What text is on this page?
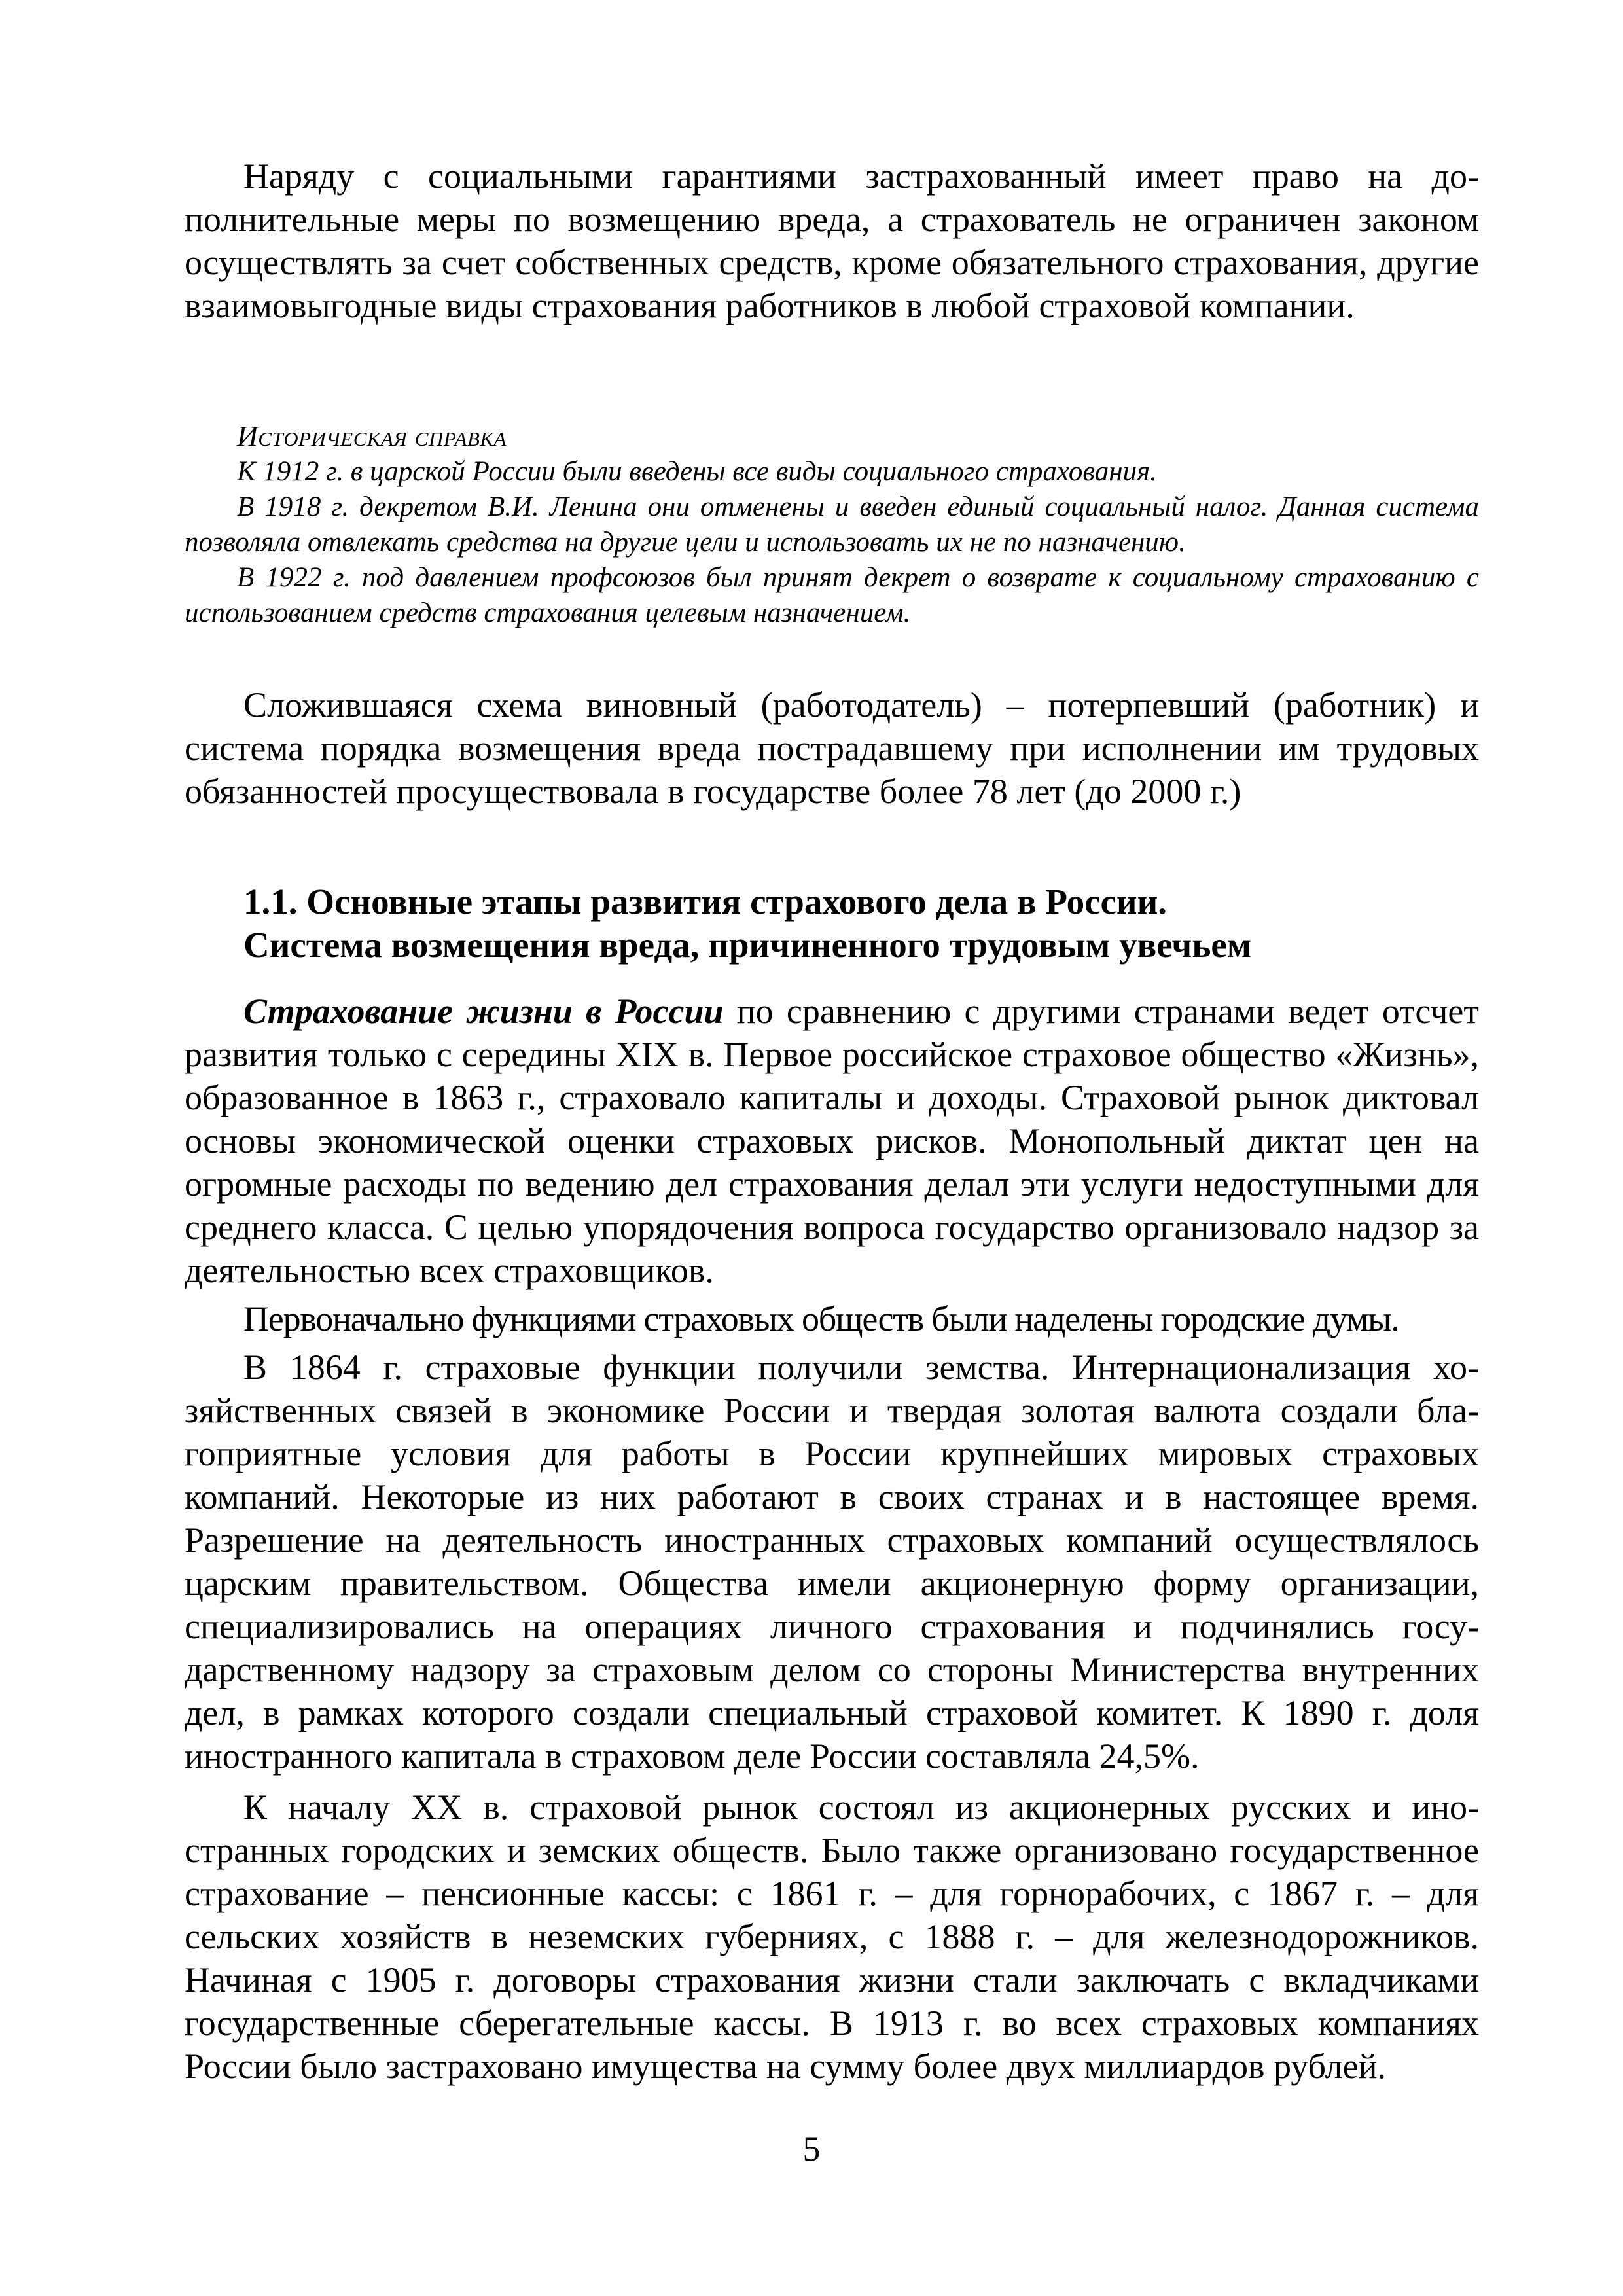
Наряду с социальными гарантиями застрахованный имеет право на дополнительные меры по возмещению вреда, а страхователь не ограничен законом осуществлять за счет собственных средств, кроме обязательного страхования, другие взаимовыгодные виды страхования работников в любой страховой компании.

Историческая справка

К 1912 г. в царской России были введены все виды социального страхования.

В 1918 г. декретом В.И. Ленина они отменены и введен единый социальный налог. Данная система позволяла отвлекать средства на другие цели и использовать их не по назначению.

В 1922 г. под давлением профсоюзов был принят декрет о возврате к социальному страхованию с использованием средств страхования целевым назначением.

Сложившаяся схема виновный (работодатель) – потерпевший (работник) и система порядка возмещения вреда пострадавшему при исполнении им трудовых обязанностей просуществовала в государстве более 78 лет (до 2000 г.)

1.1. Основные этапы развития страхового дела в России.
Система возмещения вреда, причиненного трудовым увечьем

Страхование жизни в России по сравнению с другими странами ведет отсчет развития только с середины XIX в. Первое российское страховое общество «Жизнь», образованное в 1863 г., страховало капиталы и доходы. Страховой рынок диктовал основы экономической оценки страховых рисков. Монопольный диктат цен на огромные расходы по ведению дел страхования делал эти услуги недоступными для среднего класса. С целью упорядочения вопроса государство организовало надзор за деятельностью всех страховщиков.

Первоначально функциями страховых обществ были наделены городские думы.

В 1864 г. страховые функции получили земства. Интернационализация хозяйственных связей в экономике России и твердая золотая валюта создали благоприятные условия для работы в России крупнейших мировых страховых компаний. Некоторые из них работают в своих странах и в настоящее время. Разрешение на деятельность иностранных страховых компаний осуществлялось царским правительством. Общества имели акционерную форму организации, специализировались на операциях личного страхования и подчинялись государственному надзору за страховым делом со стороны Министерства внутренних дел, в рамках которого создали специальный страховой комитет. К 1890 г. доля иностранного капитала в страховом деле России составляла 24,5%.

К началу XX в. страховой рынок состоял из акционерных русских и иностранных городских и земских обществ. Было также организовано государственное страхование – пенсионные кассы: с 1861 г. – для горнорабочих, с 1867 г. – для сельских хозяйств в неземских губерниях, с 1888 г. – для железнодорожников. Начиная с 1905 г. договоры страхования жизни стали заключать с вкладчиками государственные сберегательные кассы. В 1913 г. во всех страховых компаниях России было застраховано имущества на сумму более двух миллиардов рублей.

5
